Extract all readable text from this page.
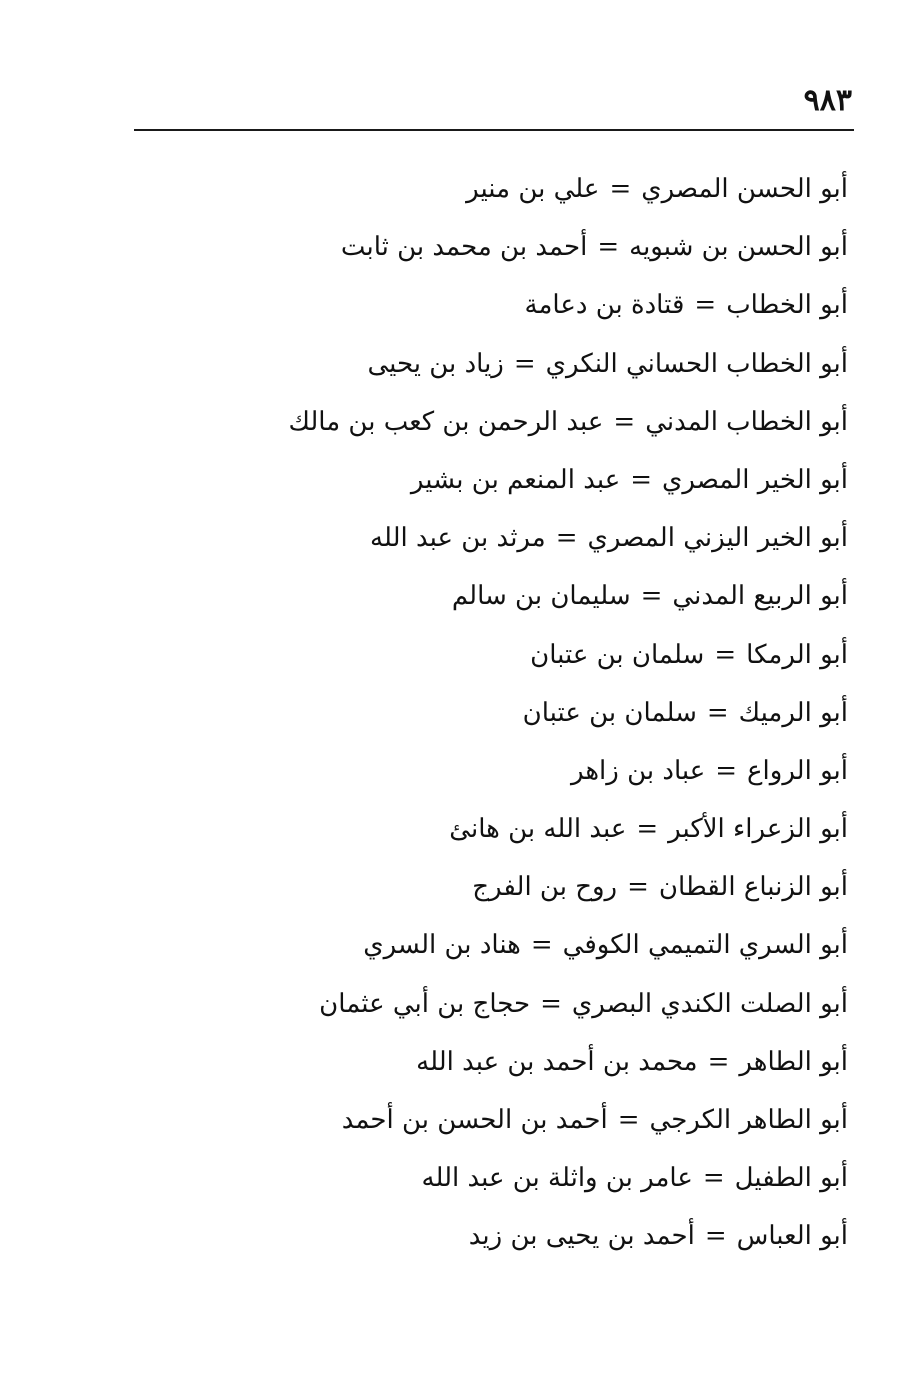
٩٨٣
أبو الحسن المصري=علي بن منير
أبو الحسن بن شبويه=أحمد بن محمد بن ثابت
أبو الخطاب=قتادة بن دعامة
أبو الخطاب الحساني النكري=زياد بن يحيى
أبو الخطاب المدني=عبد الرحمن بن كعب بن مالك
أبو الخير المصري=عبد المنعم بن بشير
أبو الخير اليزني المصري=مرثد بن عبد الله
أبو الربيع المدني=سليمان بن سالم
أبو الرمكا=سلمان بن عتبان
أبو الرميك=سلمان بن عتبان
أبو الرواع=عباد بن زاهر
أبو الزعراء الأكبر=عبد الله بن هانئ
أبو الزنباع القطان=روح بن الفرج
أبو السري التميمي الكوفي=هناد بن السري
أبو الصلت الكندي البصري=حجاج بن أبي عثمان
أبو الطاهر=محمد بن أحمد بن عبد الله
أبو الطاهر الكرجي=أحمد بن الحسن بن أحمد
أبو الطفيل=عامر بن واثلة بن عبد الله
أبو العباس=أحمد بن يحيى بن زيد
